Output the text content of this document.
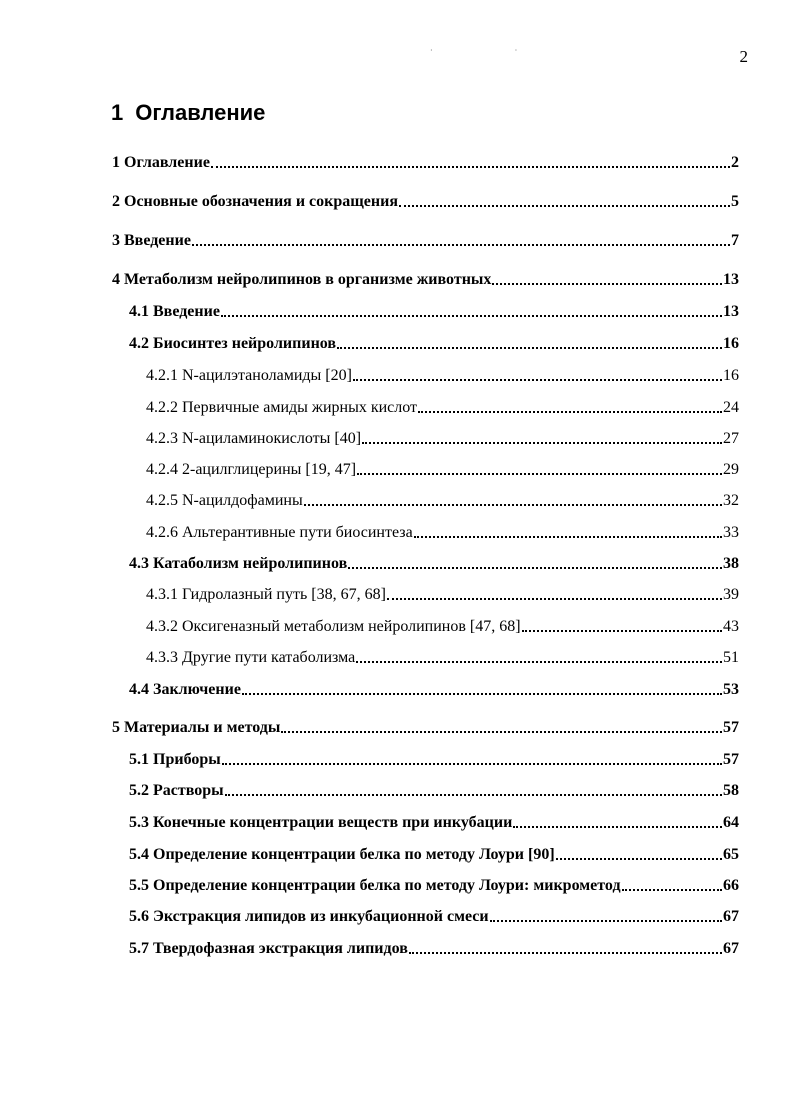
2
· ·
1 Оглавление
1 Оглавление	2
2 Основные обозначения и сокращения	5
3 Введение	7
4 Метаболизм нейролипинов в организме животных	13
4.1 Введение	13
4.2 Биосинтез нейролипинов	16
4.2.1 N-ацилэтаноламиды [20]	16
4.2.2 Первичные амиды жирных кислот	24
4.2.3 N-ациламинокислоты [40]	27
4.2.4 2-ацилглицерины [19, 47]	29
4.2.5 N-ацилдофамины	32
4.2.6 Альтерантивные пути биосинтеза	33
4.3 Катаболизм нейролипинов	38
4.3.1 Гидролазный путь [38, 67, 68]	39
4.3.2 Оксигеназный метаболизм нейролипинов [47, 68]	43
4.3.3 Другие пути катаболизма	51
4.4 Заключение	53
5 Материалы и методы	57
5.1 Приборы	57
5.2 Растворы	58
5.3 Конечные концентрации веществ при инкубации	64
5.4 Определение концентрации белка по методу Лоури [90]	65
5.5 Определение концентрации белка по методу Лоури: микрометод	66
5.6 Экстракция липидов из инкубационной смеси	67
5.7 Твердофазная экстракция липидов	67
